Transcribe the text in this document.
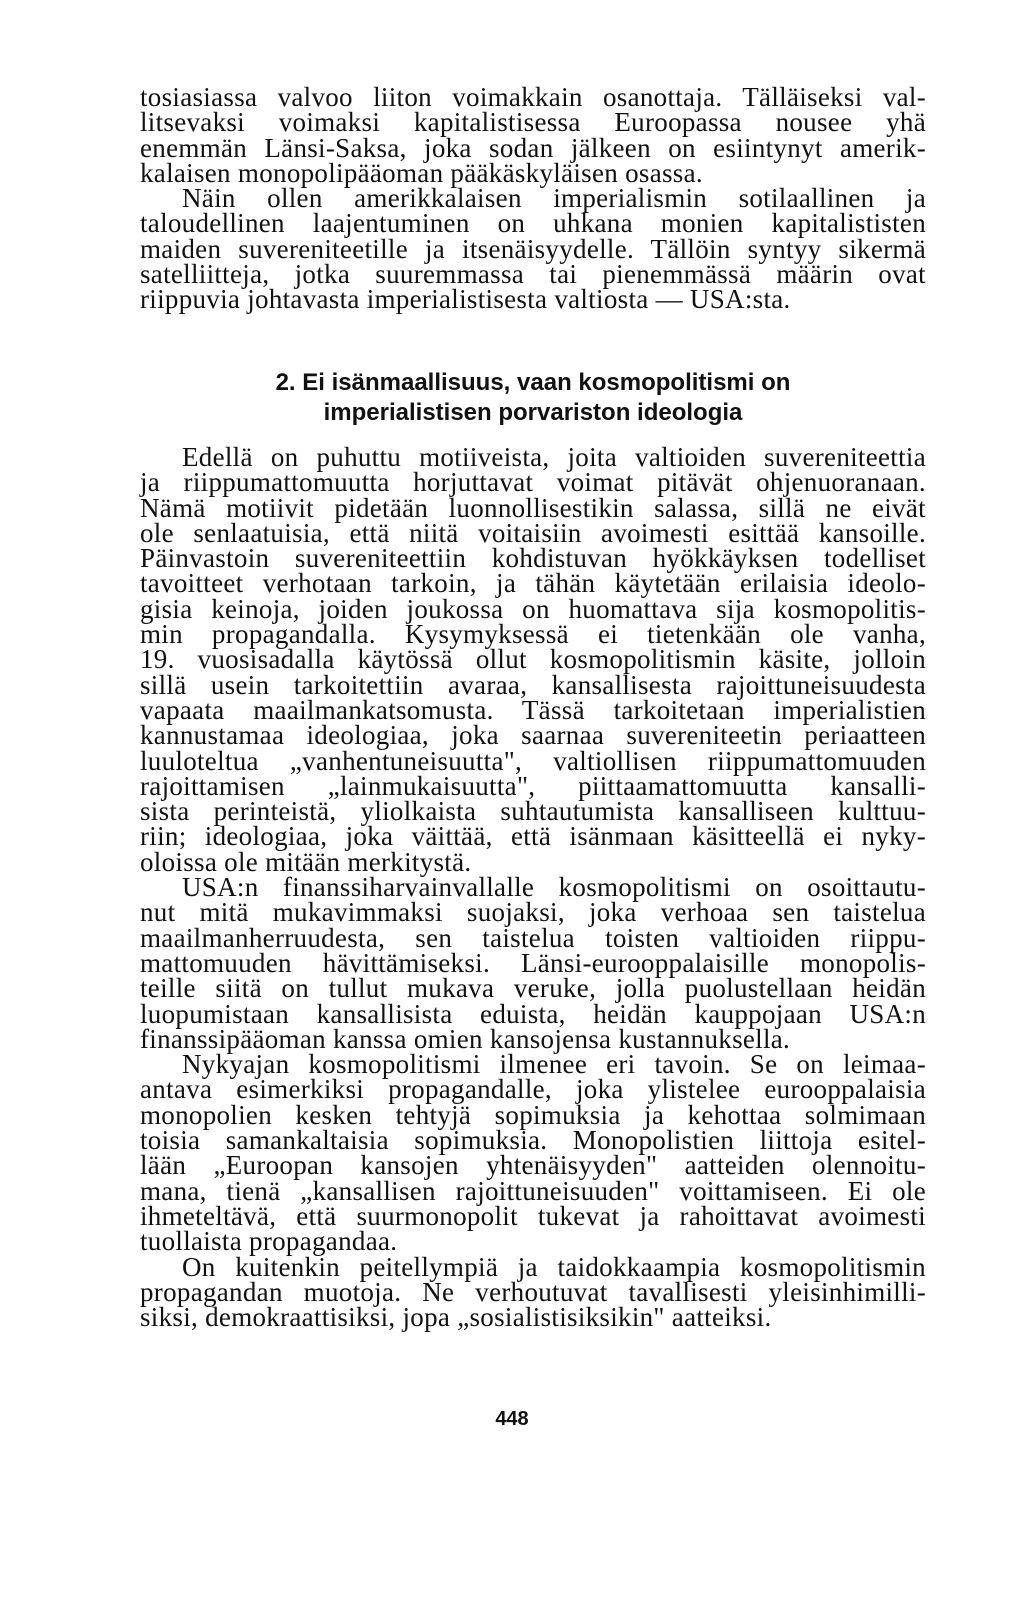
tosiasiassa valvoo liiton voimakkain osanottaja. Tälläiseksi val-
litsevaksi voimaksi kapitalistisessa Euroopassa nousee yhä
enemmän Länsi-Saksa, joka sodan jälkeen on esiintynyt amerik-
kalaisen monopolipääoman pääkäskyläisen osassa.
Näin ollen amerikkalaisen imperialismin sotilaallinen ja
taloudellinen laajentuminen on uhkana monien kapitalististen
maiden suvereniteetille ja itsenäisyydelle. Tällöin syntyy sikermä
satelliitteja, jotka suuremmassa tai pienemmässä määrin ovat
riippuvia johtavasta imperialistisesta valtiosta — USA:sta.
2. Ei isänmaallisuus, vaan kosmopolitismi on
imperialistisen porvariston ideologia
Edellä on puhuttu motiiveista, joita valtioiden suvereniteettia
ja riippumattomuutta horjuttavat voimat pitävät ohjenuoranaan.
Nämä motiivit pidetään luonnollisestikin salassa, sillä ne eivät
ole senlaatuisia, että niitä voitaisiin avoimesti esittää kansoille.
Päinvastoin suvereniteettiin kohdistuvan hyökkäyksen todelliset
tavoitteet verhotaan tarkoin, ja tähän käytetään erilaisia ideolo-
gisia keinoja, joiden joukossa on huomattava sija kosmopolitis-
min propagandalla. Kysymyksessä ei tietenkään ole vanha,
19. vuosisadalla käytössä ollut kosmopolitismin käsite, jolloin
sillä usein tarkoitettiin avaraa, kansallisesta rajoittuneisuudesta
vapaata maailmankatsomusta. Tässä tarkoitetaan imperialistien
kannustamaa ideologiaa, joka saarnaa suvereniteetin periaatteen
luuloteltua „vanhentuneisuutta", valtiollisen riippumattomuuden
rajoittamisen „lainmukaisuutta", piittaamattomuutta kansalli-
sista perinteistä, yliolkaista suhtautumista kansalliseen kulttuu-
riin; ideologiaa, joka väittää, että isänmaan käsitteellä ei nyky-
oloissa ole mitään merkitystä.
USA:n finanssiharvainvallalle kosmopolitismi on osoittautu-
nut mitä mukavimmaksi suojaksi, joka verhoaa sen taistelua
maailmanherruudesta, sen taistelua toisten valtioiden riippu-
mattomuuden hävittämiseksi. Länsi-eurooppalaisille monopolis-
teille siitä on tullut mukava veruke, jolla puolustellaan heidän
luopumistaan kansallisista eduista, heidän kauppojaan USA:n
finanssipääoman kanssa omien kansojensa kustannuksella.
Nykyajan kosmopolitismi ilmenee eri tavoin. Se on leimaa-
antava esimerkiksi propagandalle, joka ylistelee eurooppalaisia
monopolien kesken tehtyjä sopimuksia ja kehottaa solmimaan
toisia samankaltaisia sopimuksia. Monopolistien liittoja esitel-
lään „Euroopan kansojen yhtenäisyyden" aatteiden olennoitu-
mana, tienä „kansallisen rajoittuneisuuden" voittamiseen. Ei ole
ihmeteltävä, että suurmonopolit tukevat ja rahoittavat avoimesti
tuollaista propagandaa.
On kuitenkin peitellympiä ja taidokkaampia kosmopolitismin
propagandan muotoja. Ne verhoutuvat tavallisesti yleisinhimilli-
siksi, demokraattisiksi, jopa „sosialistisiksikin" aatteiksi.
448
